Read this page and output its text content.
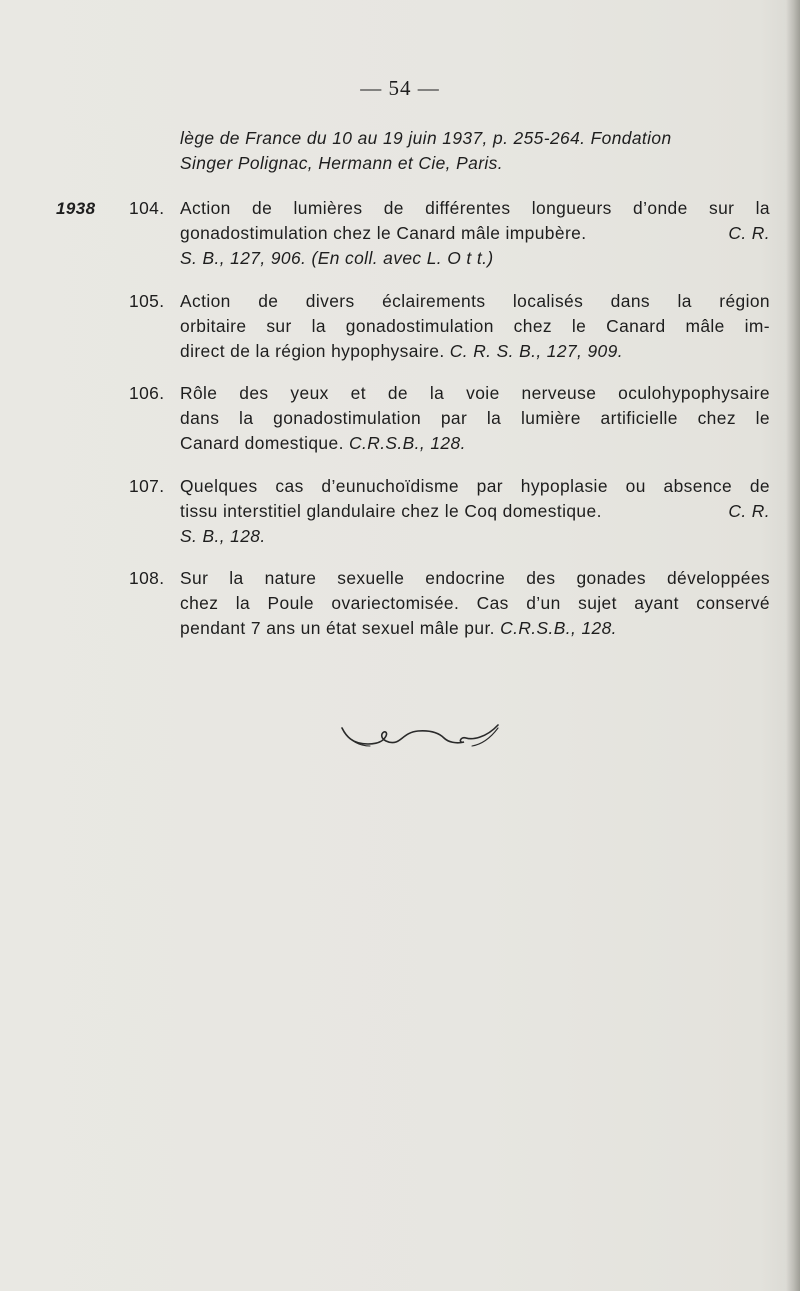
— 54 —
lège de France du 10 au 19 juin 1937, p. 255-264. Fondation
Singer Polignac, Hermann et Cie, Paris.
1938 104. Action de lumières de différentes longueurs d’onde sur la
gonadostimulation chez le Canard mâle impubère.	C. R.
S. B., 127, 906. (En coll. avec L. O t t.)
105. Action de divers éclairements localisés dans la région
orbitaire sur la gonadostimulation chez le Canard mâle im-
direct de la région hypophysaire. C. R. S. B., 127, 909.
106. Rôle des yeux et de la voie nerveuse oculohypophysaire
dans la gonadostimulation par la lumière artificielle chez le
Canard domestique. C.R.S.B., 128.
107. Quelques cas d’eunuchoïdisme par hypoplasie ou absence de
tissu interstitiel glandulaire chez le Coq domestique.	C. R.
S. B., 128.
108. Sur la nature sexuelle endocrine des gonades développées
chez la Poule ovariectomisée. Cas d’un sujet ayant conservé
pendant 7 ans un état sexuel mâle pur. C.R.S.B., 128.
